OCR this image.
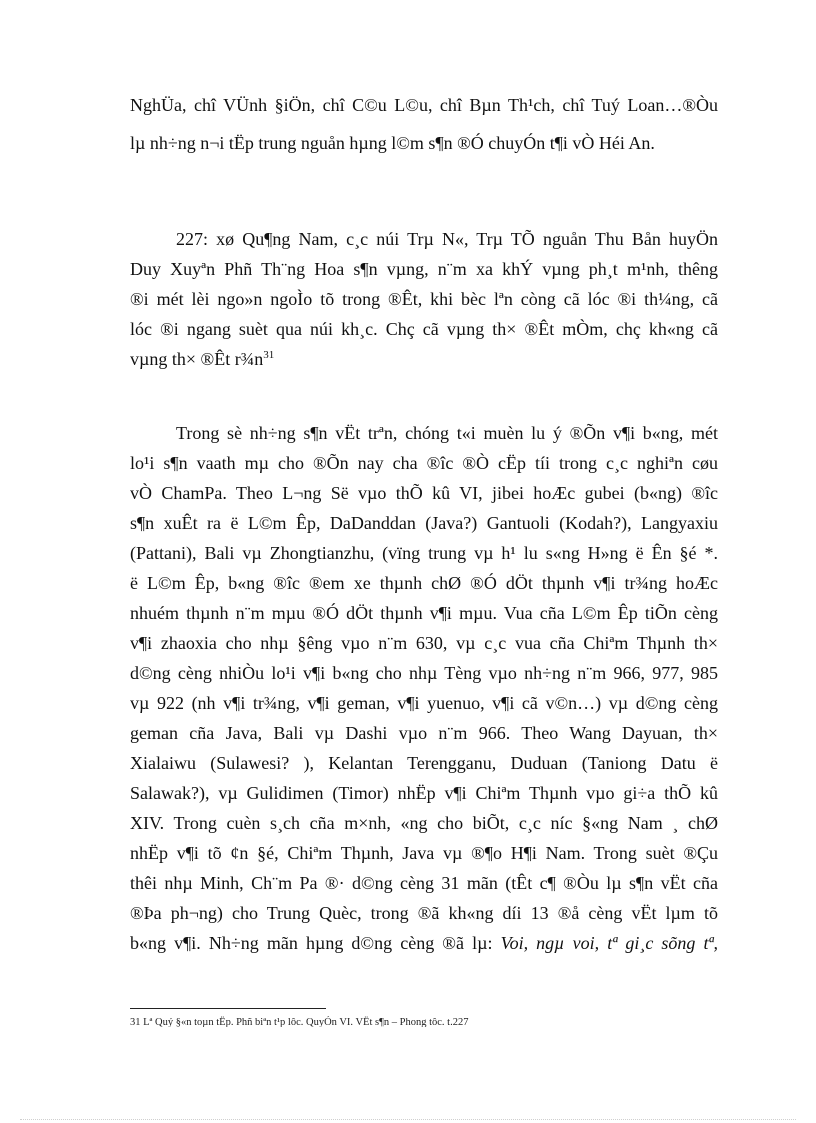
NghÜa, chî VÜnh §iÖn, chî C©u L©u, chî Bµn Th¹ch, chî Tuý Loan…®Òu
lµ nh÷ng n¬i tËp trung nguån hµng l©m s¶n ®Ó chuyÓn t¶i vÒ Héi An.
227: xø Qu¶ng Nam, c¸c núi Trµ N«, Trµ TÕ nguån Thu Bån huyÖn
Duy Xuyªn Phñ Th¨ng Hoa s¶n vµng, n¨m xa khÝ vµng ph¸t m¹nh, thêng
®i mét lèi ngo»n ngoÌo tõ trong ®Êt, khi bèc lªn còng cã lóc ®i th¼ng, cã
lóc ®i ngang suèt qua núi kh¸c. Chç cã vµng th× ®Êt mÒm, chç kh«ng cã
vµng th× ®Êt $r\frac{3}{4}n^{31}$
Trong sè nh÷ng s¶n vËt trªn, chóng t«i muèn lu ý ®Õn v¶i b«ng, mét
lo¹i s¶n vaath mµ cho ®Õn nay cha ®îc ®Ò cËp tíi trong c¸c nghiªn cøu
vÒ ChamPa. Theo L¬ng Së vµo thÕ kû VI, jibei hoÆc gubei (b«ng) ®îc
s¶n xuÊt ra ë L©m Êp, DaDanddan (Java?) Gantuoli (Kodah?), Langyaxiu
(Pattani), Bali vµ Zhongtianzhu, (vïng trung vµ h¹ lu s«ng H»ng ë Ên §é *.
ë L©m Êp, b«ng ®îc ®em xe thµnh chØ ®Ó dÖt thµnh v¶i tr¾ng hoÆc
nhuém thµnh n¨m mµu ®Ó dÖt thµnh v¶i mµu. Vua cña L©m Êp tiÕn cèng
v¶i zhaoxia cho nhµ §êng vµo n¨m 630, vµ c¸c vua cña Chiªm Thµnh th×
d©ng cèng nhiÒu lo¹i v¶i b«ng cho nhµ Tèng vµo nh÷ng n¨m 966, 977, 985
vµ 922 (nh v¶i tr¾ng, v¶i geman, v¶i yuenuo, v¶i cã v©n…) vµ d©ng cèng
geman cña Java, Bali vµ Dashi vµo n¨m 966. Theo Wang Dayuan, th×
Xialaiwu (Sulawesi? ), Kelantan Terengganu, Duduan (Taniong Datu ë
Salawak?), vµ Gulidimen (Timor) nhËp v¶i Chiªm Thµnh vµo gi÷a thÕ kû
XIV. Trong cuèn s¸ch cña m×nh, «ng cho biÕt, c¸c níc §«ng Nam ¸ chØ
nhËp v¶i tõ ¢n §é, Chiªm Thµnh, Java vµ ®¶o H¶i Nam. Trong suèt ®Çu
thêi nhµ Minh, Ch¨m Pa ®· d©ng cèng 31 mãn (tÊt c¶ ®Òu lµ s¶n vËt cña
®Þa ph¬ng) cho Trung Quèc, trong ®ã kh«ng díi 13 ®å cèng vËt lµm tõ
b«ng v¶i. Nh÷ng mãn hµng d©ng cèng ®ã lµ: Voi, ngµ voi, tª gi¸c sõng tª,
31 Lª Quý §«n toµn tËp. Phñ biªn t¹p lôc. QuyÓn VI. VËt s¶n – Phong tôc. t.227
